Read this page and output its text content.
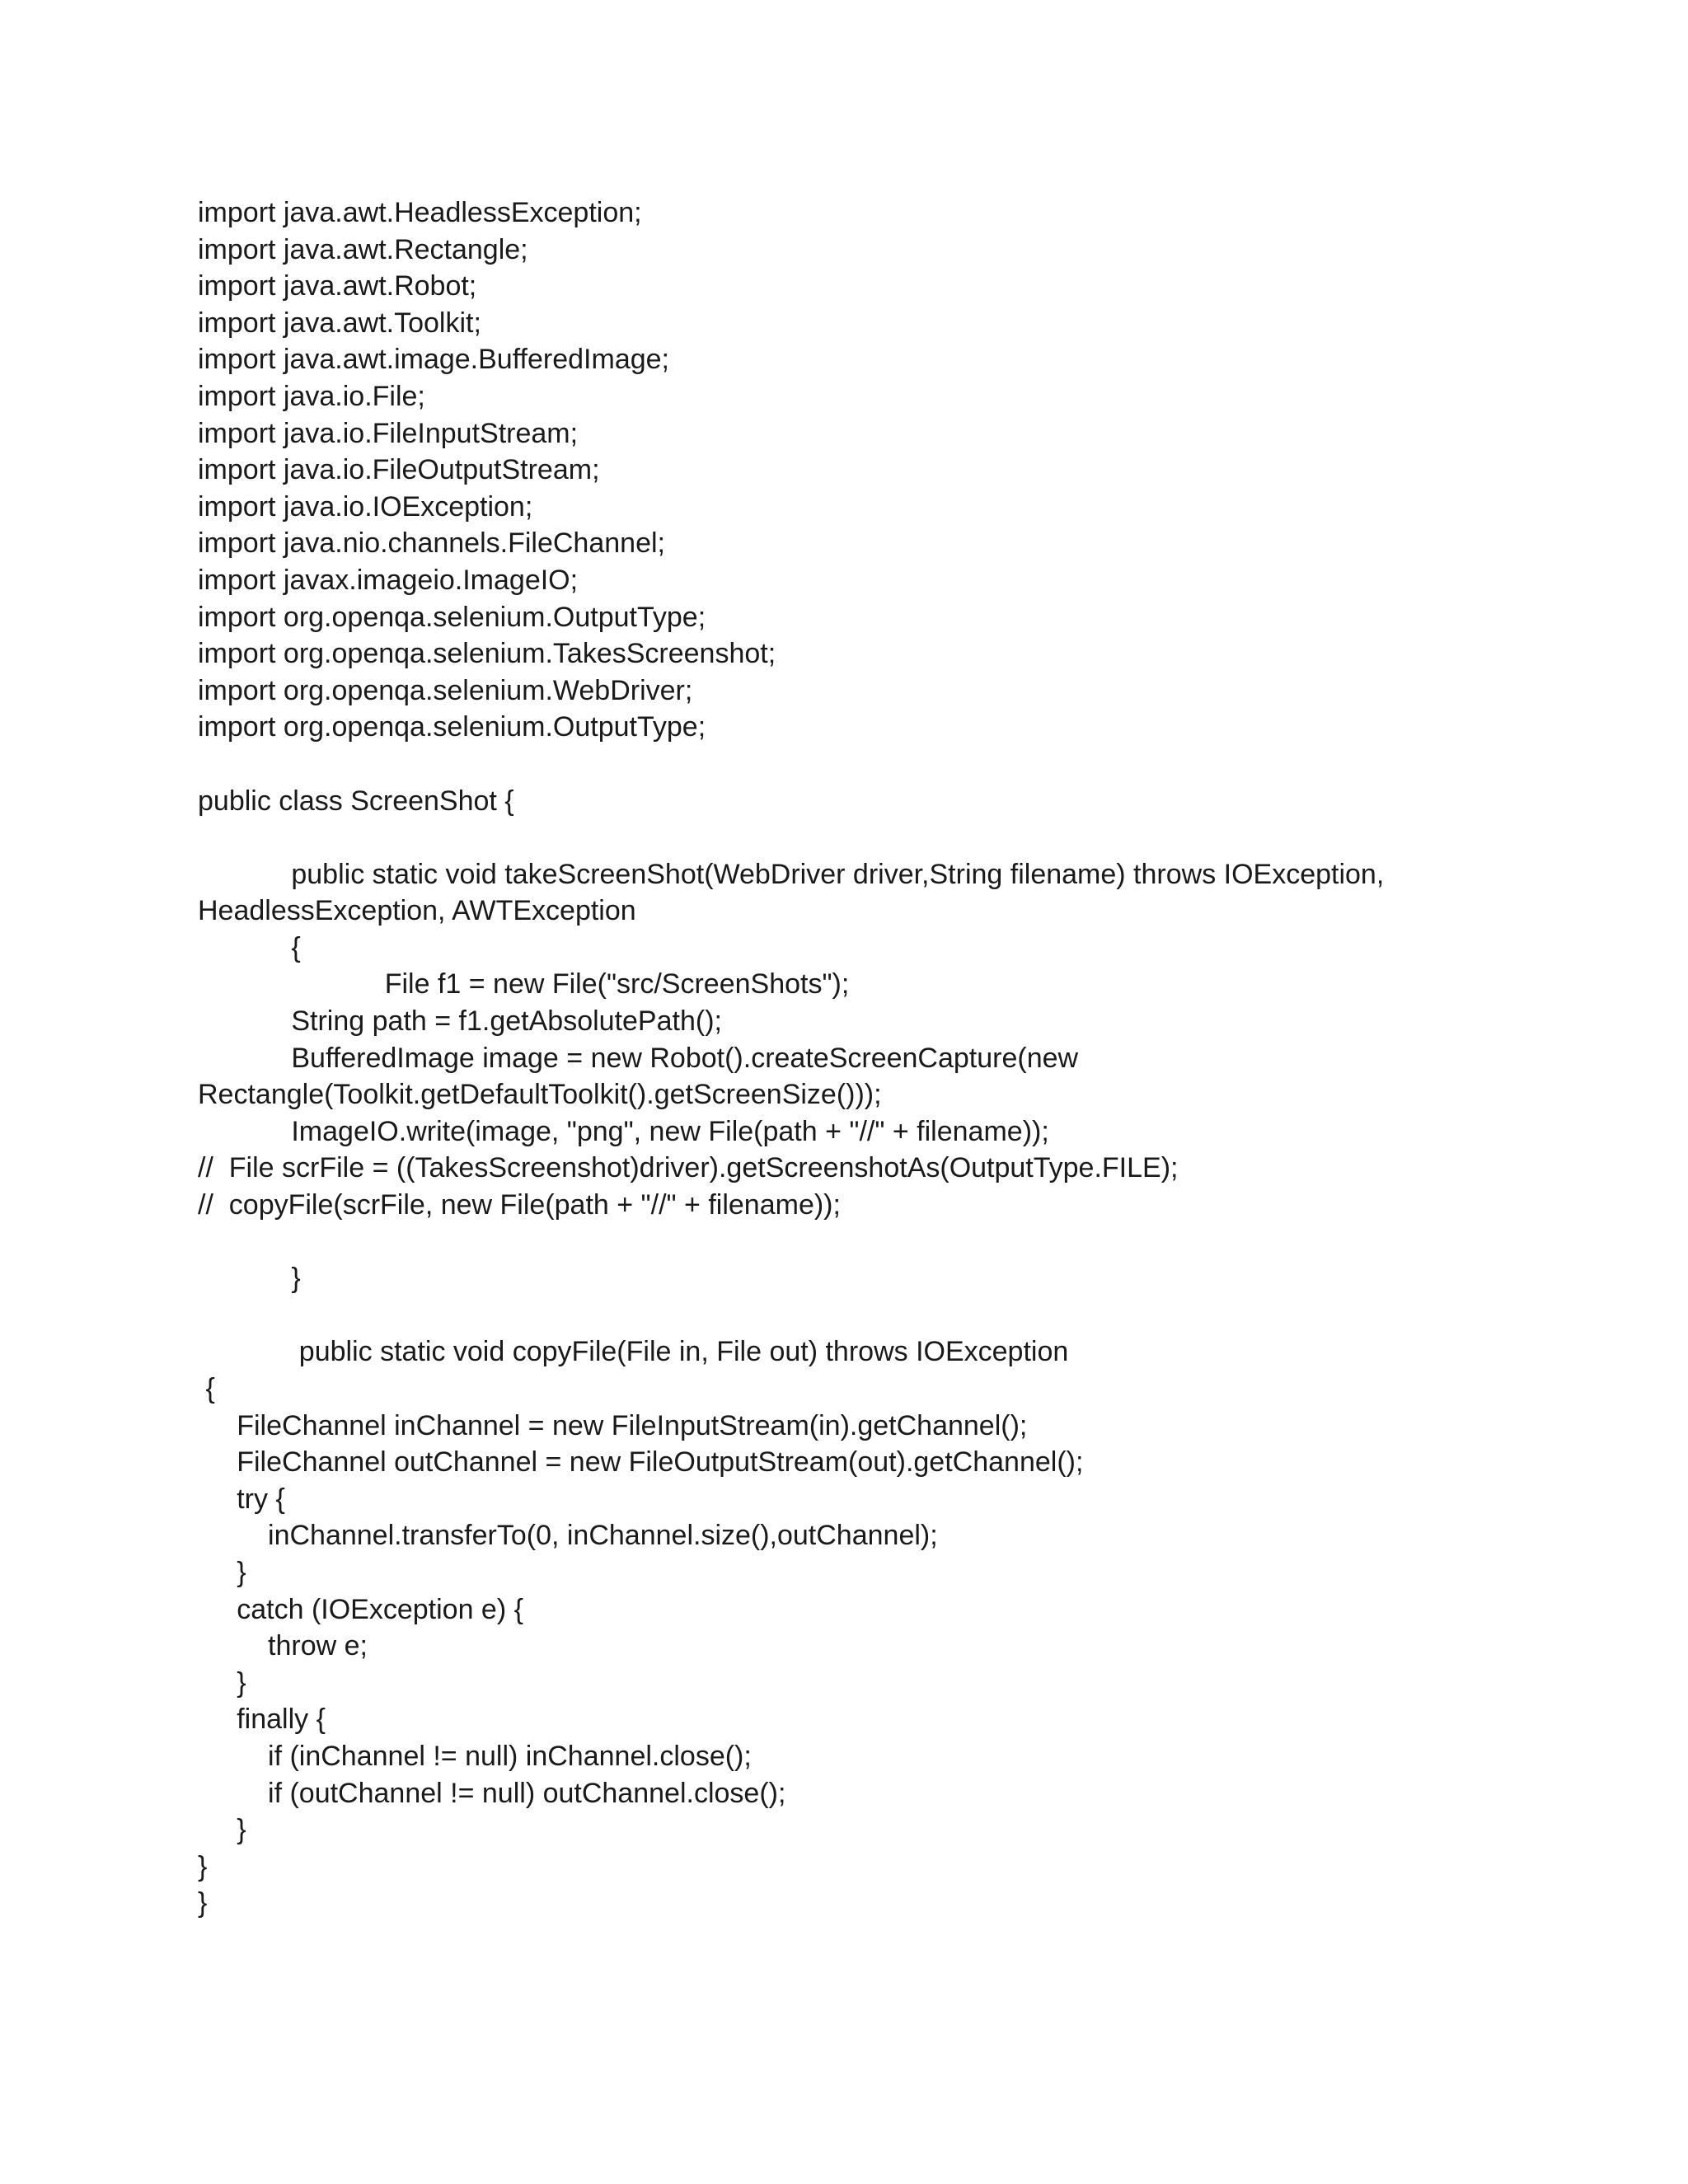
import java.awt.HeadlessException;

import java.awt.Rectangle;

import java.awt.Robot;

import java.awt.Toolkit;

import java.awt.image.BufferedImage;

import java.io.File;

import java.io.FileInputStream;

import java.io.FileOutputStream;

import java.io.IOException;

import java.nio.channels.FileChannel;

import javax.imageio.ImageIO;

import org.openqa.selenium.OutputType;

import org.openqa.selenium.TakesScreenshot;

import org.openqa.selenium.WebDriver;

import org.openqa.selenium.OutputType;

public class ScreenShot {

public static void takeScreenShot(WebDriver driver,String filename) throws IOException,

HeadlessException, AWTException

{

File f1 = new File("src/ScreenShots");

String path = f1.getAbsolutePath();

BufferedImage image = new Robot().createScreenCapture(new

Rectangle(Toolkit.getDefaultToolkit().getScreenSize()));

ImageIO.write(image, "png", new File(path + "//" + filename));

//  File scrFile = ((TakesScreenshot)driver).getScreenshotAs(OutputType.FILE);

//  copyFile(scrFile, new File(path + "//" + filename));

}

public static void copyFile(File in, File out) throws IOException

{

FileChannel inChannel = new FileInputStream(in).getChannel();

FileChannel outChannel = new FileOutputStream(out).getChannel();

try {

inChannel.transferTo(0, inChannel.size(),outChannel);

}

catch (IOException e) {

throw e;

}

finally {

if (inChannel != null) inChannel.close();

if (outChannel != null) outChannel.close();

}

}

}
